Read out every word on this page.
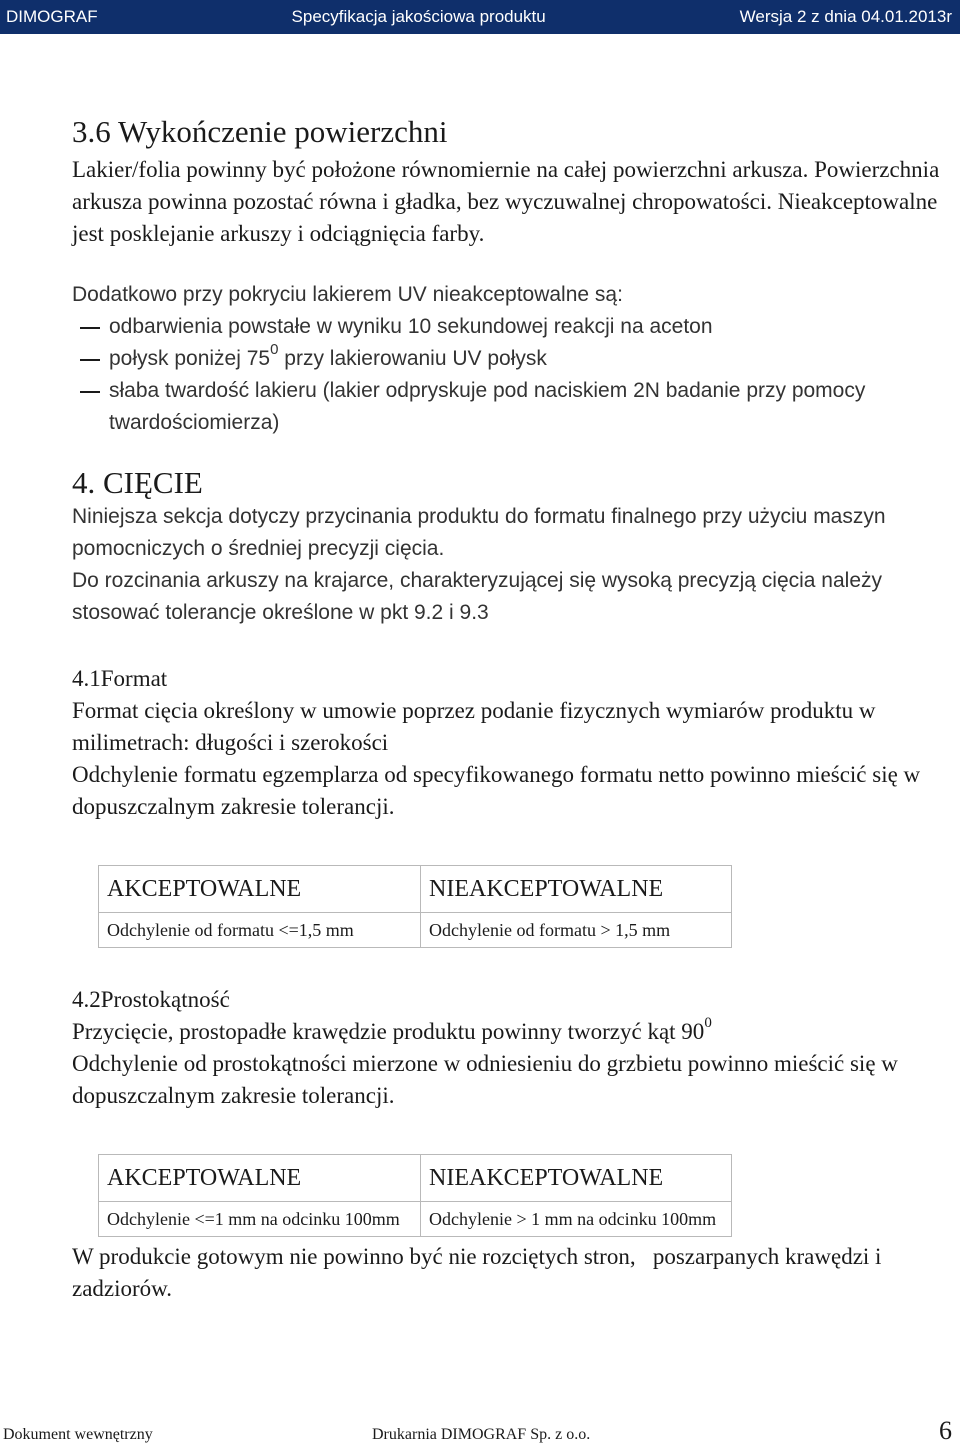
DIMOGRAF	Specyfikacja jakościowa produktu	Wersja 2 z dnia 04.01.2013r

3.6 Wykończenie powierzchni

Lakier/folia powinny być położone równomiernie na całej powierzchni arkusza. Powierzchnia arkusza powinna pozostać równa i gładka, bez wyczuwalnej chropowatości. Nieakceptowalne jest posklejanie arkuszy i odciągnięcia farby.

Dodatkowo przy pokryciu lakierem UV nieakceptowalne są:

odbarwienia powstałe w wyniku 10 sekundowej reakcji na aceton
połysk poniżej $75^0$ przy lakierowaniu UV połysk
słaba twardość lakieru (lakier odpryskuje pod naciskiem 2N badanie przy pomocy twardościomierza)

4. CIĘCIE

Niniejsza sekcja dotyczy przycinania produktu do formatu finalnego przy użyciu maszyn pomocniczych o średniej precyzji cięcia.

Do rozcinania arkuszy na krajarce, charakteryzującej się wysoką precyzją cięcia należy stosować tolerancje określone w pkt 9.2 i 9.3

4.1Format

Format cięcia określony w umowie poprzez podanie fizycznych wymiarów produktu w milimetrach: długości i szerokości

Odchylenie formatu egzemplarza od specyfikowanego formatu netto powinno mieścić się w dopuszczalnym zakresie tolerancji.

AKCEPTOWALNE	NIEAKCEPTOWALNE
Odchylenie od formatu <=1,5 mm	Odchylenie od formatu > 1,5 mm

4.2Prostokątność

Przycięcie, prostopadłe krawędzie produktu powinny tworzyć kąt $90^0$

Odchylenie od prostokątności mierzone w odniesieniu do grzbietu powinno mieścić się w dopuszczalnym zakresie tolerancji.

AKCEPTOWALNE	NIEAKCEPTOWALNE
Odchylenie <=1 mm na odcinku 100mm	Odchylenie > 1 mm na odcinku 100mm

W produkcie gotowym nie powinno być nie rozciętych stron,   poszarpanych krawędzi i zadziorów.

Dokument wewnętrzny	Drukarnia DIMOGRAF Sp. z o.o.	6
